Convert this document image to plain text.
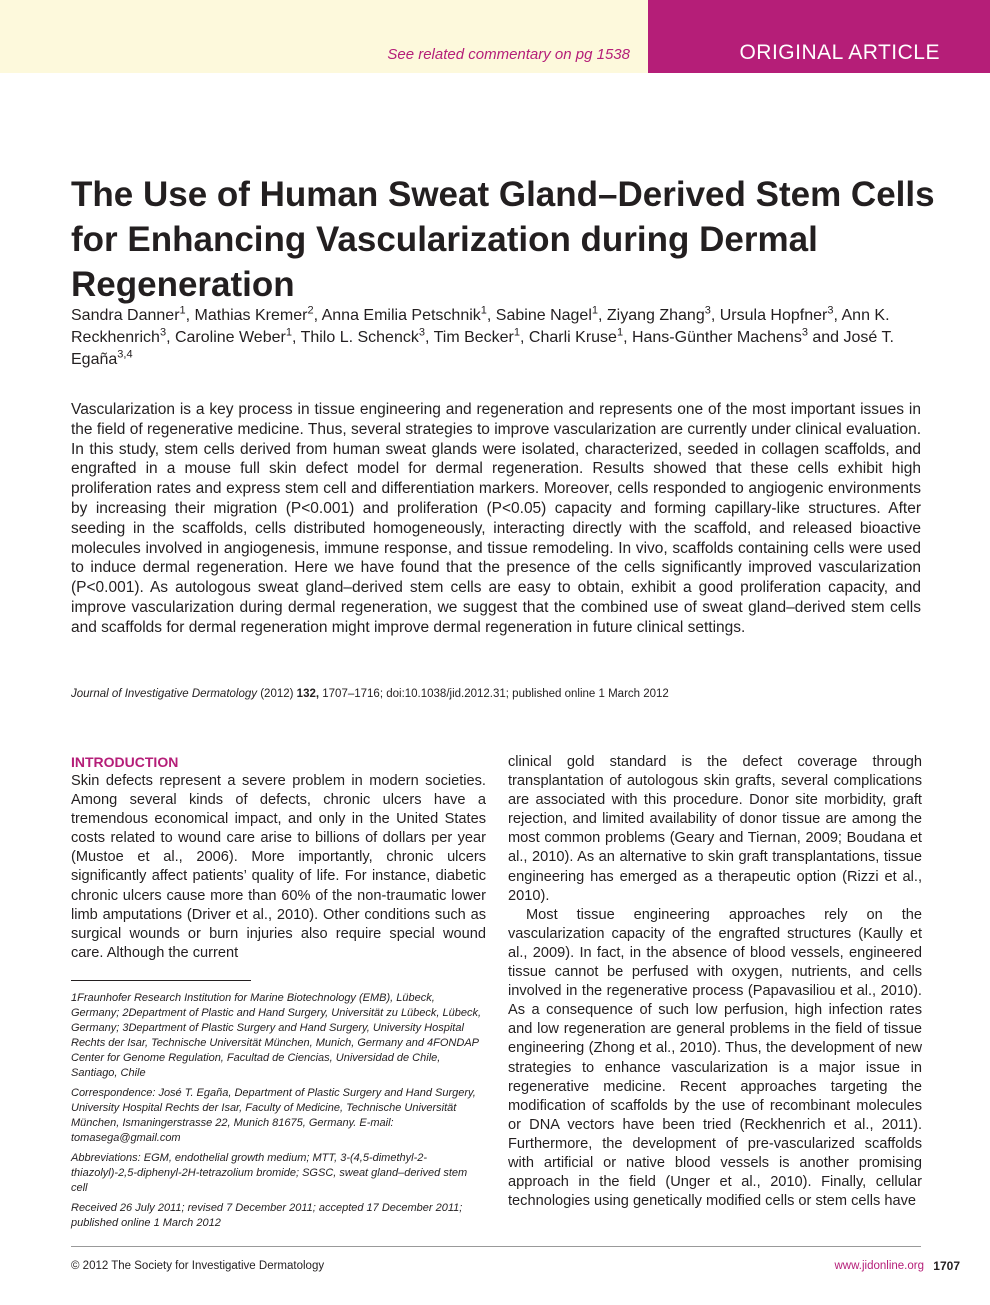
See related commentary on pg 1538	ORIGINAL ARTICLE
The Use of Human Sweat Gland–Derived Stem Cells for Enhancing Vascularization during Dermal Regeneration

Sandra Danner$^1$, Mathias Kremer$^2$, Anna Emilia Petschnik$^1$, Sabine Nagel$^1$, Ziyang Zhang$^3$, Ursula Hopfner$^3$, Ann K. Reckhenrich$^3$, Caroline Weber$^1$, Thilo L. Schenck$^3$, Tim Becker$^1$, Charli Kruse$^1$, Hans-Günther Machens$^3$ and José T. Egaña$^{3,4}$

Vascularization is a key process in tissue engineering and regeneration and represents one of the most important issues in the field of regenerative medicine. Thus, several strategies to improve vascularization are currently under clinical evaluation. In this study, stem cells derived from human sweat glands were isolated, characterized, seeded in collagen scaffolds, and engrafted in a mouse full skin defect model for dermal regeneration. Results showed that these cells exhibit high proliferation rates and express stem cell and differentiation markers. Moreover, cells responded to angiogenic environments by increasing their migration (P<0.001) and proliferation (P<0.05) capacity and forming capillary-like structures. After seeding in the scaffolds, cells distributed homogeneously, interacting directly with the scaffold, and released bioactive molecules involved in angiogenesis, immune response, and tissue remodeling. In vivo, scaffolds containing cells were used to induce dermal regeneration. Here we have found that the presence of the cells significantly improved vascularization (P<0.001). As autologous sweat gland–derived stem cells are easy to obtain, exhibit a good proliferation capacity, and improve vascularization during dermal regeneration, we suggest that the combined use of sweat gland–derived stem cells and scaffolds for dermal regeneration might improve dermal regeneration in future clinical settings.

Journal of Investigative Dermatology (2012) 132, 1707–1716; doi:10.1038/jid.2012.31; published online 1 March 2012

INTRODUCTION

Skin defects represent a severe problem in modern societies. Among several kinds of defects, chronic ulcers have a tremendous economical impact, and only in the United States costs related to wound care arise to billions of dollars per year (Mustoe et al., 2006). More importantly, chronic ulcers significantly affect patients’ quality of life. For instance, diabetic chronic ulcers cause more than 60% of the non-traumatic lower limb amputations (Driver et al., 2010). Other conditions such as surgical wounds or burn injuries also require special wound care. Although the current

1Fraunhofer Research Institution for Marine Biotechnology (EMB), Lübeck, Germany; 2Department of Plastic and Hand Surgery, Universität zu Lübeck, Lübeck, Germany; 3Department of Plastic Surgery and Hand Surgery, University Hospital Rechts der Isar, Technische Universität München, Munich, Germany and 4FONDAP Center for Genome Regulation, Facultad de Ciencias, Universidad de Chile, Santiago, Chile

Correspondence: José T. Egaña, Department of Plastic Surgery and Hand Surgery, University Hospital Rechts der Isar, Faculty of Medicine, Technische Universität München, Ismaningerstrasse 22, Munich 81675, Germany. E-mail: tomasega@gmail.com

Abbreviations: EGM, endothelial growth medium; MTT, 3-(4,5-dimethyl-2-thiazolyl)-2,5-diphenyl-2H-tetrazolium bromide; SGSC, sweat gland–derived stem cell

Received 26 July 2011; revised 7 December 2011; accepted 17 December 2011; published online 1 March 2012

clinical gold standard is the defect coverage through transplantation of autologous skin grafts, several complications are associated with this procedure. Donor site morbidity, graft rejection, and limited availability of donor tissue are among the most common problems (Geary and Tiernan, 2009; Boudana et al., 2010). As an alternative to skin graft transplantations, tissue engineering has emerged as a therapeutic option (Rizzi et al., 2010).

Most tissue engineering approaches rely on the vascularization capacity of the engrafted structures (Kaully et al., 2009). In fact, in the absence of blood vessels, engineered tissue cannot be perfused with oxygen, nutrients, and cells involved in the regenerative process (Papavasiliou et al., 2010). As a consequence of such low perfusion, high infection rates and low regeneration are general problems in the field of tissue engineering (Zhong et al., 2010). Thus, the development of new strategies to enhance vascularization is a major issue in regenerative medicine. Recent approaches targeting the modification of scaffolds by the use of recombinant molecules or DNA vectors have been tried (Reckhenrich et al., 2011). Furthermore, the development of pre-vascularized scaffolds with artificial or native blood vessels is another promising approach in the field (Unger et al., 2010). Finally, cellular technologies using genetically modified cells or stem cells have

© 2012 The Society for Investigative Dermatology	www.jidonline.org 1707
